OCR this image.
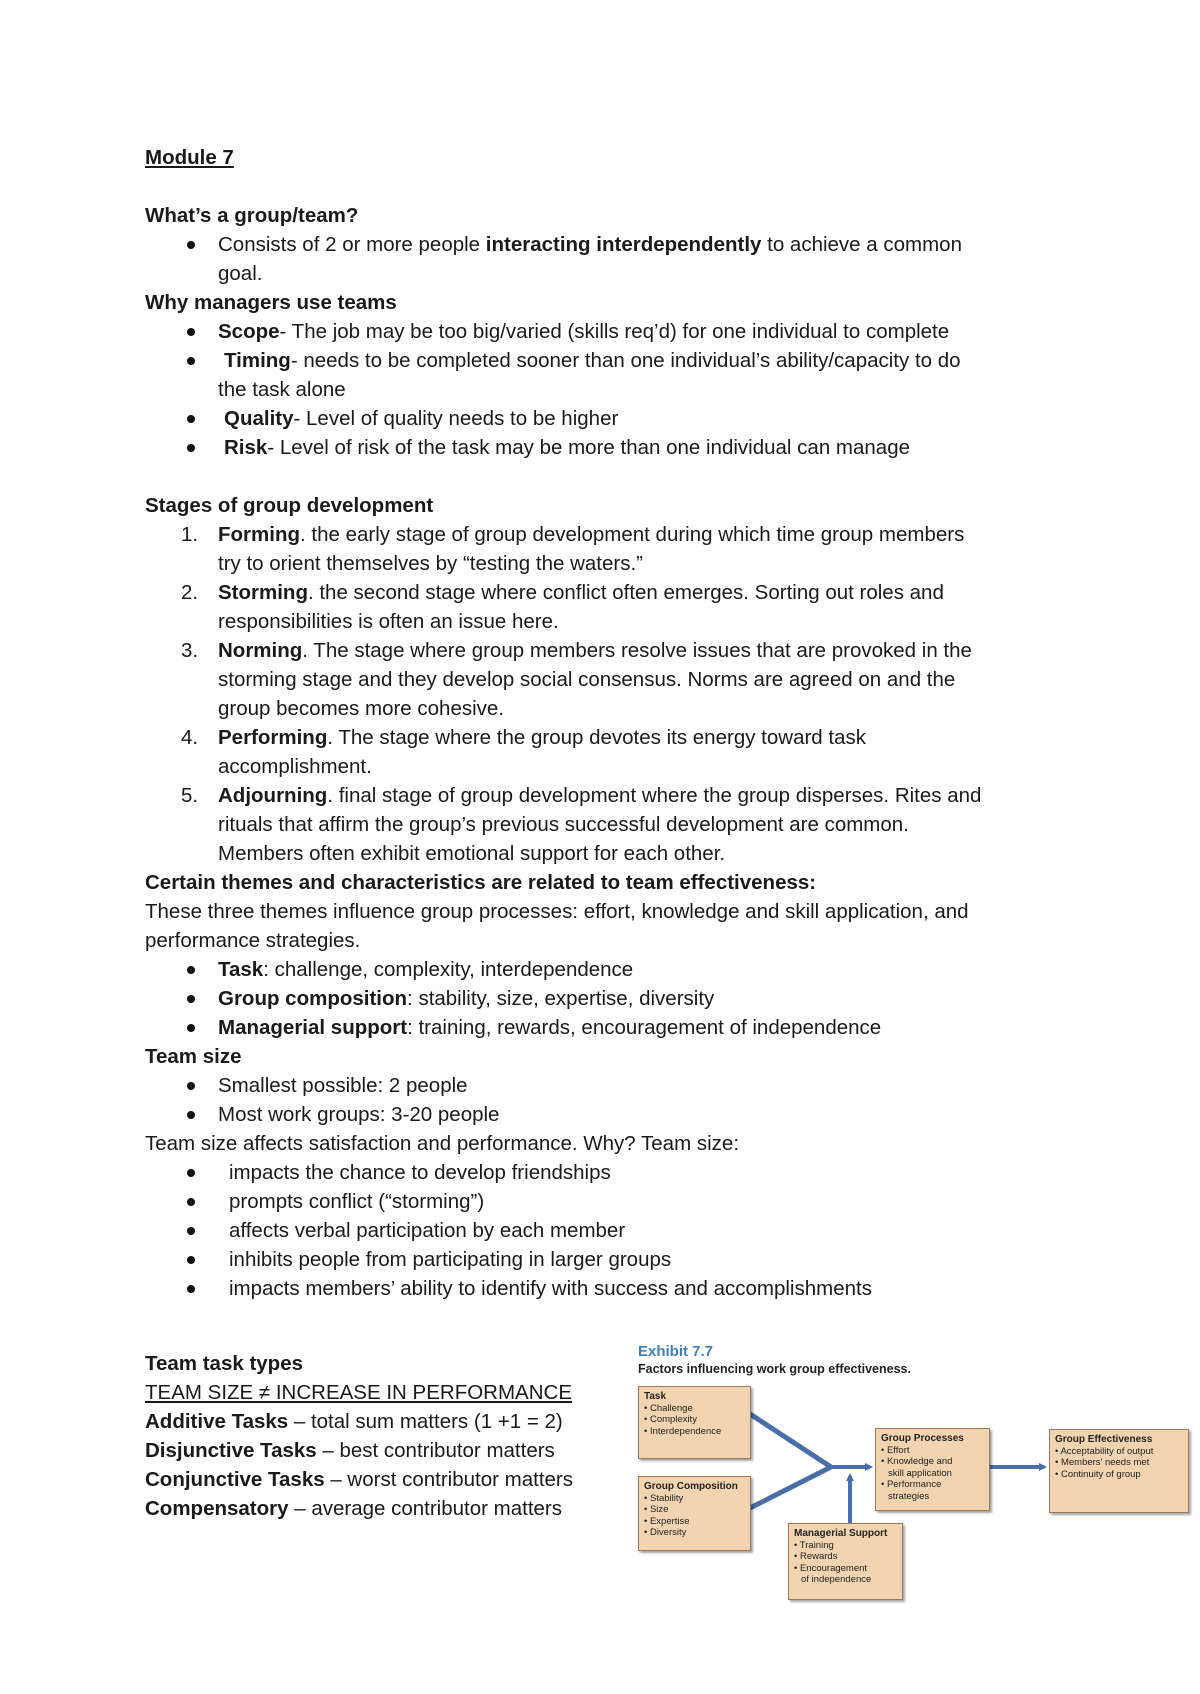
Module 7
What’s a group/team?
Consists of 2 or more people interacting interdependently to achieve a common
goal.
Why managers use teams
Scope- The job may be too big/varied (skills req’d) for one individual to complete
Timing- needs to be completed sooner than one individual’s ability/capacity to do
the task alone
Quality- Level of quality needs to be higher
Risk- Level of risk of the task may be more than one individual can manage
Stages of group development
1. Forming. the early stage of group development during which time group members
try to orient themselves by “testing the waters.”
2. Storming. the second stage where conflict often emerges. Sorting out roles and
responsibilities is often an issue here.
3. Norming. The stage where group members resolve issues that are provoked in the
storming stage and they develop social consensus. Norms are agreed on and the
group becomes more cohesive.
4. Performing. The stage where the group devotes its energy toward task
accomplishment.
5. Adjourning. final stage of group development where the group disperses. Rites and
rituals that affirm the group’s previous successful development are common.
Members often exhibit emotional support for each other.
Certain themes and characteristics are related to team effectiveness:
These three themes influence group processes: effort, knowledge and skill application, and
performance strategies.
Task: challenge, complexity, interdependence
Group composition: stability, size, expertise, diversity
Managerial support: training, rewards, encouragement of independence
Team size
Smallest possible: 2 people
Most work groups: 3-20 people
Team size affects satisfaction and performance. Why? Team size:
impacts the chance to develop friendships
prompts conflict (“storming”)
affects verbal participation by each member
inhibits people from participating in larger groups
impacts members’ ability to identify with success and accomplishments
Team task types
TEAM SIZE ≠ INCREASE IN PERFORMANCE
Additive Tasks – total sum matters (1 +1 = 2)
Disjunctive Tasks – best contributor matters
Conjunctive Tasks – worst contributor matters
Compensatory – average contributor matters
Exhibit 7.7
Factors influencing work group effectiveness.
Task
• Challenge
• Complexity
• Interdependence
Group Composition
• Stability
• Size
• Expertise
• Diversity	Managerial Support
• Training
• Rewards
• Encouragement
of independence
Group Processes
• Effort
• Knowledge and
skill application
• Performance
strategies
Group Effectiveness
• Acceptability of output
• Members’ needs met
• Continuity of group
